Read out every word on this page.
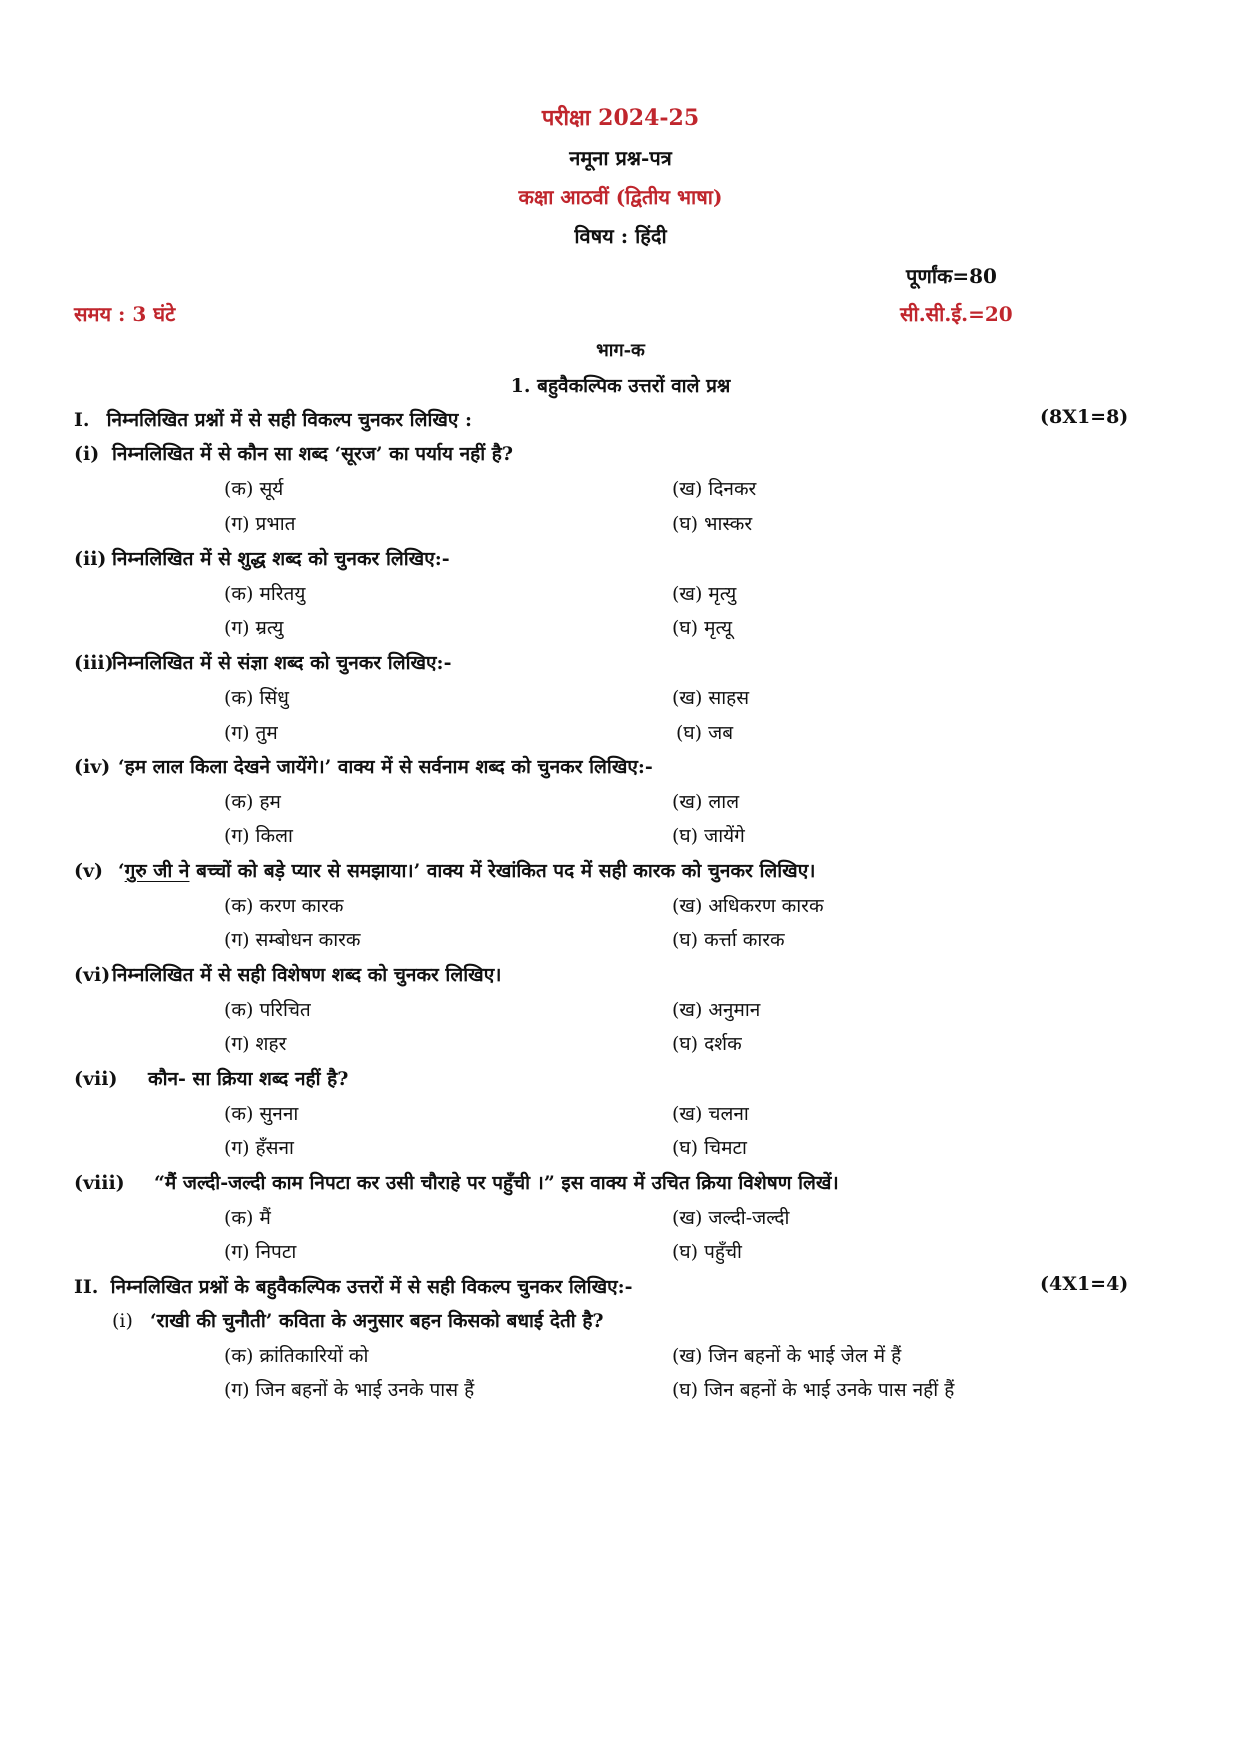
परीक्षा 2024-25
नमूना प्रश्न-पत्र
कक्षा आठवीं (द्वितीय भाषा)
विषय : हिंदी
पूर्णांक=80
समय : 3 घंटे	सी.सी.ई.=20
भाग-क
1. बहुवैकल्पिक उत्तरों वाले प्रश्न
I. निम्नलिखित प्रश्नों में से सही विकल्प चुनकर लिखिए :	(8X1=8)
(i) निम्नलिखित में से कौन सा शब्द ‘सूरज’ का पर्याय नहीं है?
(क) सूर्य	(ख) दिनकर
(ग) प्रभात	(घ) भास्कर
(ii) निम्नलिखित में से शुद्ध शब्द को चुनकर लिखिए:-
(क) मरितयु	(ख) मृत्यु
(ग) म्रत्यु	(घ) मृत्यू
(iii)निम्नलिखित में से संज्ञा शब्द को चुनकर लिखिए:-
(क) सिंधु	(ख) साहस
(ग) तुम	(घ) जब
(iv) ‘हम लाल किला देखने जायेंगे।’ वाक्य में से सर्वनाम शब्द को चुनकर लिखिए:-
(क) हम	(ख) लाल
(ग) किला	(घ) जायेंगे
(v) ‘गुरु जी ने बच्चों को बड़े प्यार से समझाया।’ वाक्य में रेखांकित पद में सही कारक को चुनकर लिखिए।
(क) करण कारक	(ख) अधिकरण कारक
(ग) सम्बोधन कारक	(घ) कर्त्ता कारक
(vi)निम्नलिखित में से सही विशेषण शब्द को चुनकर लिखिए।
(क) परिचित	(ख) अनुमान
(ग) शहर	(घ) दर्शक
(vii) कौन- सा क्रिया शब्द नहीं है?
(क) सुनना	(ख) चलना
(ग) हँसना	(घ) चिमटा
(viii) “मैं जल्दी-जल्दी काम निपटा कर उसी चौराहे पर पहुँची ।” इस वाक्य में उचित क्रिया विशेषण लिखें।
(क) मैं	(ख) जल्दी-जल्दी
(ग) निपटा	(घ) पहुँची
II. निम्नलिखित प्रश्नों के बहुवैकल्पिक उत्तरों में से सही विकल्प चुनकर लिखिए:-	(4X1=4)
(i) ‘राखी की चुनौती’ कविता के अनुसार बहन किसको बधाई देती है?
(क) क्रांतिकारियों को	(ख) जिन बहनों के भाई जेल में हैं
(ग) जिन बहनों के भाई उनके पास हैं	(घ) जिन बहनों के भाई उनके पास नहीं हैं
